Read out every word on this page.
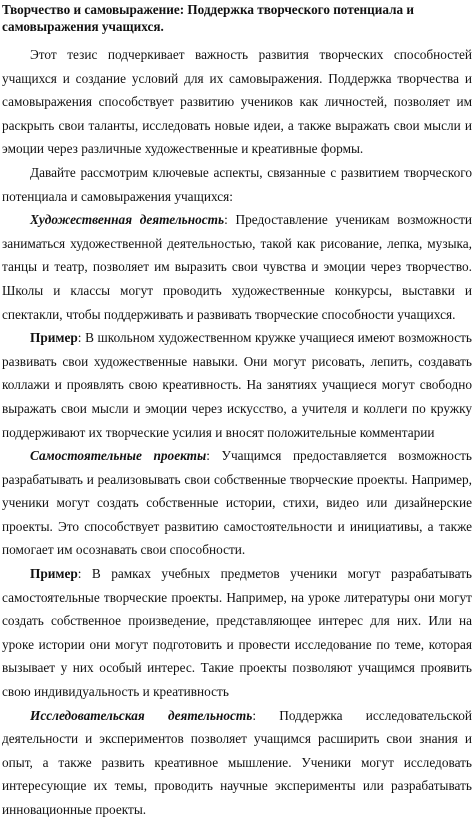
Творчество и самовыражение: Поддержка творческого потенциала и самовыражения учащихся.

Этот тезис подчеркивает важность развития творческих способностей учащихся и создание условий для их самовыражения. Поддержка творчества и самовыражения способствует развитию учеников как личностей, позволяет им раскрыть свои таланты, исследовать новые идеи, а также выражать свои мысли и эмоции через различные художественные и креативные формы.

Давайте рассмотрим ключевые аспекты, связанные с развитием творческого потенциала и самовыражения учащихся:

Художественная деятельность: Предоставление ученикам возможности заниматься художественной деятельностью, такой как рисование, лепка, музыка, танцы и театр, позволяет им выразить свои чувства и эмоции через творчество. Школы и классы могут проводить художественные конкурсы, выставки и спектакли, чтобы поддерживать и развивать творческие способности учащихся.

Пример: В школьном художественном кружке учащиеся имеют возможность развивать свои художественные навыки. Они могут рисовать, лепить, создавать коллажи и проявлять свою креативность. На занятиях учащиеся могут свободно выражать свои мысли и эмоции через искусство, а учителя и коллеги по кружку поддерживают их творческие усилия и вносят положительные комментарии

Самостоятельные проекты: Учащимся предоставляется возможность разрабатывать и реализовывать свои собственные творческие проекты. Например, ученики могут создать собственные истории, стихи, видео или дизайнерские проекты. Это способствует развитию самостоятельности и инициативы, а также помогает им осознавать свои способности.

Пример: В рамках учебных предметов ученики могут разрабатывать самостоятельные творческие проекты. Например, на уроке литературы они могут создать собственное произведение, представляющее интерес для них. Или на уроке истории они могут подготовить и провести исследование по теме, которая вызывает у них особый интерес. Такие проекты позволяют учащимся проявить свою индивидуальность и креативность

Исследовательская деятельность: Поддержка исследовательской деятельности и экспериментов позволяет учащимся расширить свои знания и опыт, а также развить креативное мышление. Ученики могут исследовать интересующие их темы, проводить научные эксперименты или разрабатывать инновационные проекты.
